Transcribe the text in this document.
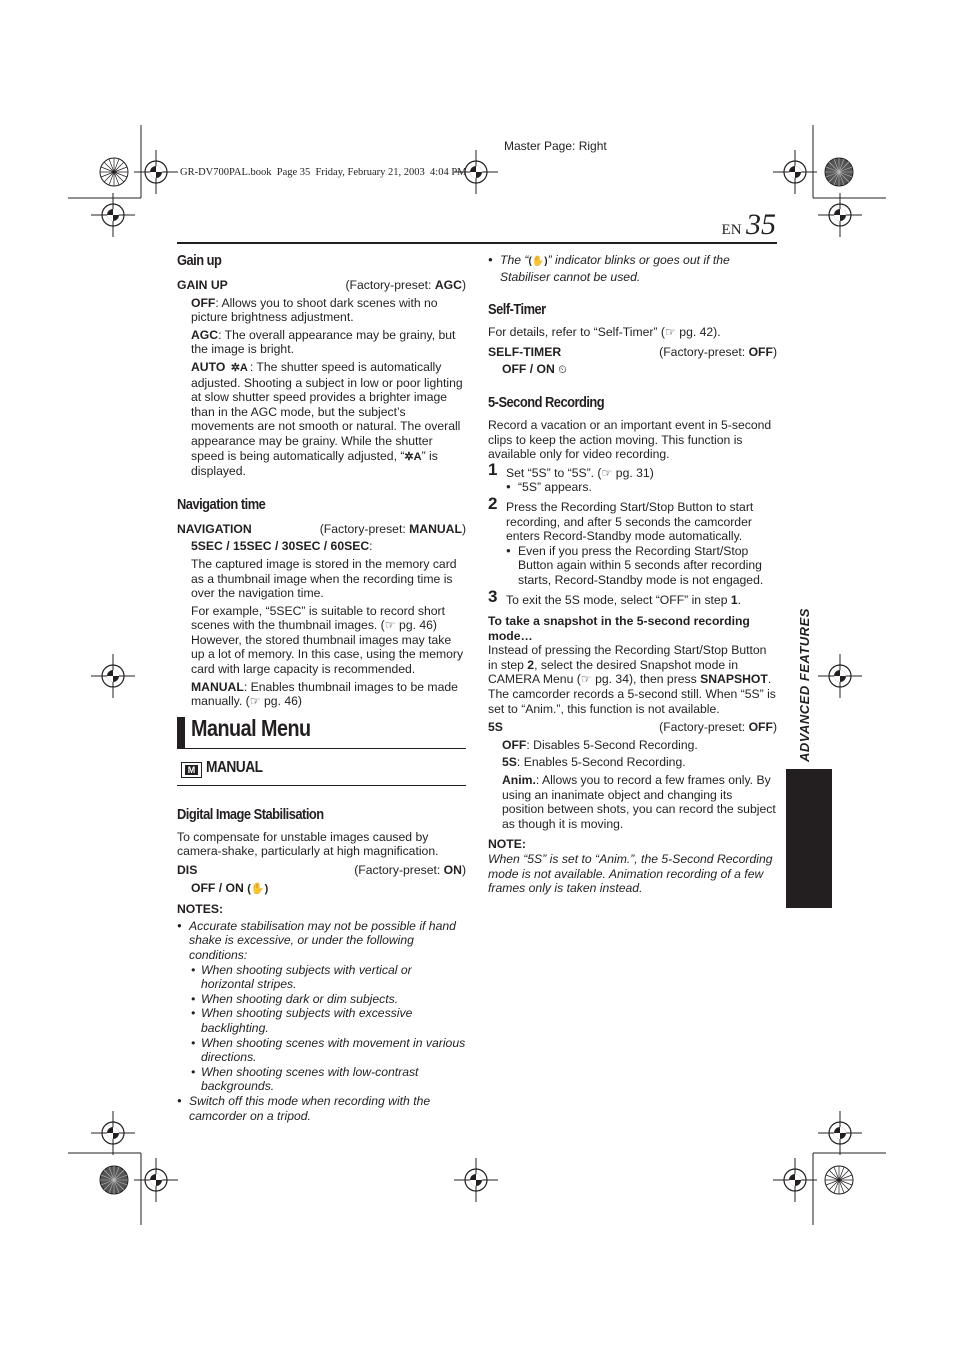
Master Page: Right
GR-DV700PAL.book  Page 35  Friday, February 21, 2003  4:04 PM
EN 35
ADVANCED FEATURES
Gain up
GAIN UP	(Factory-preset: AGC)

OFF: Allows you to shoot dark scenes with no picture brightness adjustment.

AGC: The overall appearance may be grainy, but the image is bright.

AUTO ✲A : The shutter speed is automatically adjusted. Shooting a subject in low or poor lighting at slow shutter speed provides a brighter image than in the AGC mode, but the subject’s movements are not smooth or natural. The overall appearance may be grainy. While the shutter speed is being automatically adjusted, “✲A” is displayed.

Navigation time
NAVIGATION	(Factory-preset: MANUAL)

5SEC / 15SEC / 30SEC / 60SEC:

The captured image is stored in the memory card as a thumbnail image when the recording time is over the navigation time.

For example, “5SEC” is suitable to record short scenes with the thumbnail images. (☞ pg. 46) However, the stored thumbnail images may take up a lot of memory. In this case, using the memory card with large capacity is recommended.

MANUAL: Enables thumbnail images to be made manually. (☞ pg. 46)

Manual Menu
M MANUAL
Digital Image Stabilisation
To compensate for unstable images caused by camera-shake, particularly at high magnification.
DIS	(Factory-preset: ON)
OFF / ON (✋)
NOTES:
● Accurate stabilisation may not be possible if hand shake is excessive, or under the following conditions:
• When shooting subjects with vertical or horizontal stripes.
• When shooting dark or dim subjects.
• When shooting subjects with excessive backlighting.
• When shooting scenes with movement in various directions.
• When shooting scenes with low-contrast backgrounds.
● Switch off this mode when recording with the camcorder on a tripod.
● The “(✋)” indicator blinks or goes out if the Stabiliser cannot be used.
Self-Timer
For details, refer to “Self-Timer” (☞ pg. 42).
SELF-TIMER	(Factory-preset: OFF)
OFF / ON ⏲
5-Second Recording
Record a vacation or an important event in 5-second clips to keep the action moving. This function is available only for video recording.
1 Set “5S” to “5S”. (☞ pg. 31)
● “5S” appears.
2 Press the Recording Start/Stop Button to start recording, and after 5 seconds the camcorder enters Record-Standby mode automatically.
● Even if you press the Recording Start/Stop Button again within 5 seconds after recording starts, Record-Standby mode is not engaged.
3 To exit the 5S mode, select “OFF” in step 1.
To take a snapshot in the 5-second recording mode…
Instead of pressing the Recording Start/Stop Button in step 2, select the desired Snapshot mode in CAMERA Menu (☞ pg. 34), then press SNAPSHOT. The camcorder records a 5-second still. When “5S” is set to “Anim.”, this function is not available.
5S	(Factory-preset: OFF)

OFF: Disables 5-Second Recording.

5S: Enables 5-Second Recording.

Anim.: Allows you to record a few frames only. By using an inanimate object and changing its position between shots, you can record the subject as though it is moving.

NOTE:
When “5S” is set to “Anim.”, the 5-Second Recording mode is not available. Animation recording of a few frames only is taken instead.
